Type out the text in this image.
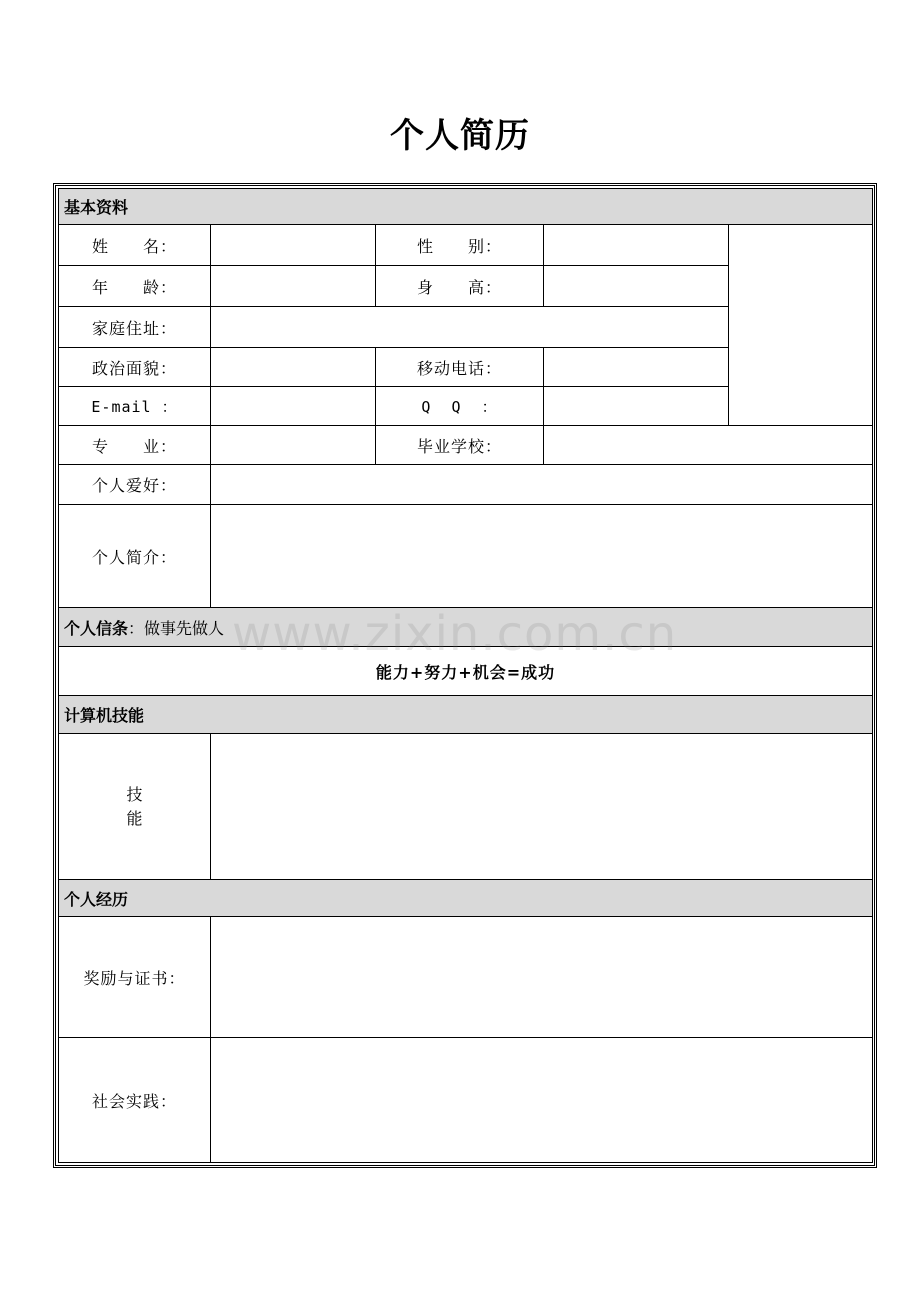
个人简历
基本资料				
姓　　名：		性　　别：		
年　　龄：		身　　高：		
家庭住址：				
政治面貌：		移动电话：		
E-mail ：		Q  Q  ：		
专　　业：		毕业学校：		
个人爱好：				
个人简介：				
个人信条：做事先做人				
能力+努力+机会=成功				
计算机技能				

技
能				

个人经历				
奖励与证书：				
社会实践：				
